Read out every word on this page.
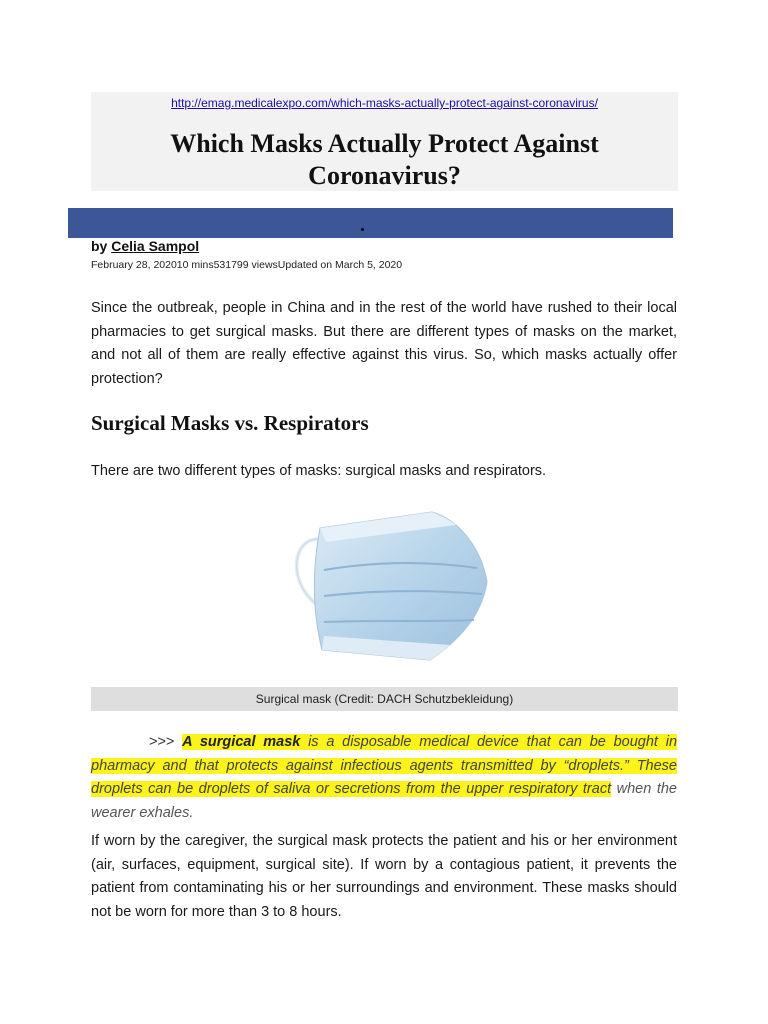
http://emag.medicalexpo.com/which-masks-actually-protect-against-coronavirus/
Which Masks Actually Protect Against
Coronavirus?
by Celia Sampol
February 28, 202010 mins531799 viewsUpdated on March 5, 2020

Since the outbreak, people in China and in the rest of the world have rushed to their local pharmacies to get surgical masks. But there are different types of masks on the market, and not all of them are really effective against this virus. So, which masks actually offer protection?

Surgical Masks vs. Respirators

There are two different types of masks: surgical masks and respirators.

Surgical mask (Credit: DACH Schutzbekleidung)

>>> A surgical mask is a disposable medical device that can be bought in pharmacy and that protects against infectious agents transmitted by “droplets.” These droplets can be droplets of saliva or secretions from the upper respiratory tract when the wearer exhales.

If worn by the caregiver, the surgical mask protects the patient and his or her environment (air, surfaces, equipment, surgical site). If worn by a contagious patient, it prevents the patient from contaminating his or her surroundings and environment. These masks should not be worn for more than 3 to 8 hours.
